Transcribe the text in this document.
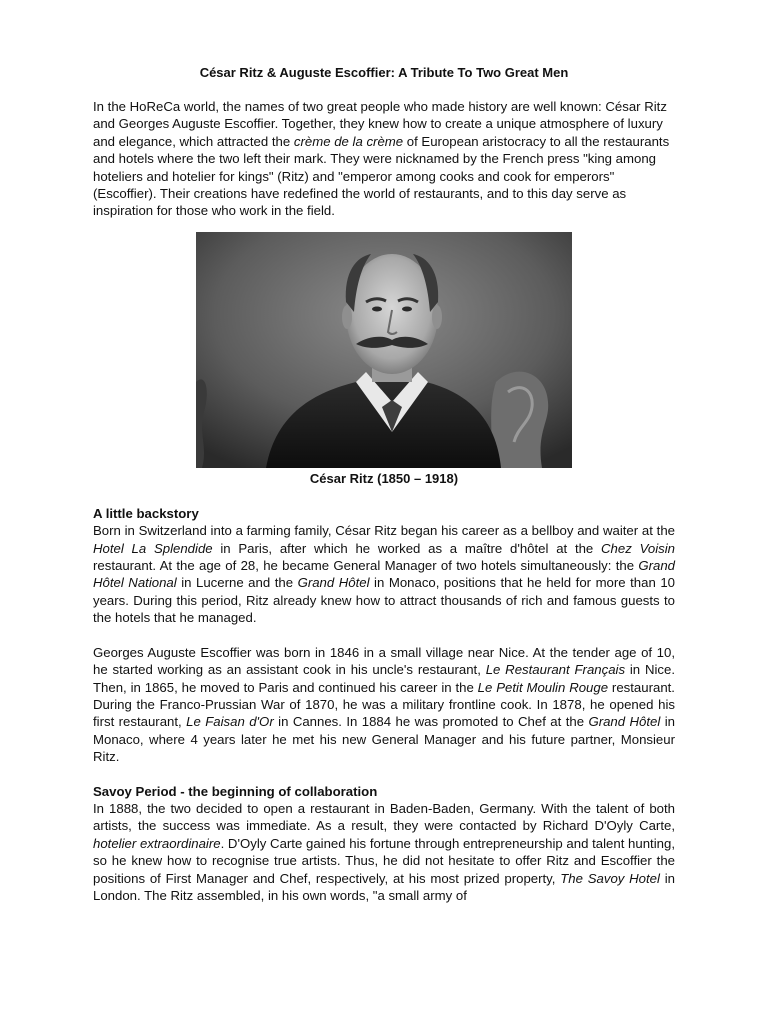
César Ritz & Auguste Escoffier: A Tribute To Two Great Men

In the HoReCa world, the names of two great people who made history are well known: César Ritz and Georges Auguste Escoffier. Together, they knew how to create a unique atmosphere of luxury and elegance, which attracted the crème de la crème of European aristocracy to all the restaurants and hotels where the two left their mark. They were nicknamed by the French press "king among hoteliers and hotelier for kings" (Ritz) and "emperor among cooks and cook for emperors" (Escoffier). Their creations have redefined the world of restaurants, and to this day serve as inspiration for those who work in the field.

César Ritz (1850 – 1918)
A little backstory

Born in Switzerland into a farming family, César Ritz began his career as a bellboy and waiter at the Hotel La Splendide in Paris, after which he worked as a maître d'hôtel at the Chez Voisin restaurant. At the age of 28, he became General Manager of two hotels simultaneously: the Grand Hôtel National in Lucerne and the Grand Hôtel in Monaco, positions that he held for more than 10 years. During this period, Ritz already knew how to attract thousands of rich and famous guests to the hotels that he managed.

Georges Auguste Escoffier was born in 1846 in a small village near Nice. At the tender age of 10, he started working as an assistant cook in his uncle's restaurant, Le Restaurant Français in Nice. Then, in 1865, he moved to Paris and continued his career in the Le Petit Moulin Rouge restaurant. During the Franco-Prussian War of 1870, he was a military frontline cook. In 1878, he opened his first restaurant, Le Faisan d'Or in Cannes. In 1884 he was promoted to Chef at the Grand Hôtel in Monaco, where 4 years later he met his new General Manager and his future partner, Monsieur Ritz.

Savoy Period - the beginning of collaboration

In 1888, the two decided to open a restaurant in Baden-Baden, Germany. With the talent of both artists, the success was immediate. As a result, they were contacted by Richard D'Oyly Carte, hotelier extraordinaire. D'Oyly Carte gained his fortune through entrepreneurship and talent hunting, so he knew how to recognise true artists. Thus, he did not hesitate to offer Ritz and Escoffier the positions of First Manager and Chef, respectively, at his most prized property, The Savoy Hotel in London. The Ritz assembled, in his own words, "a small army of
